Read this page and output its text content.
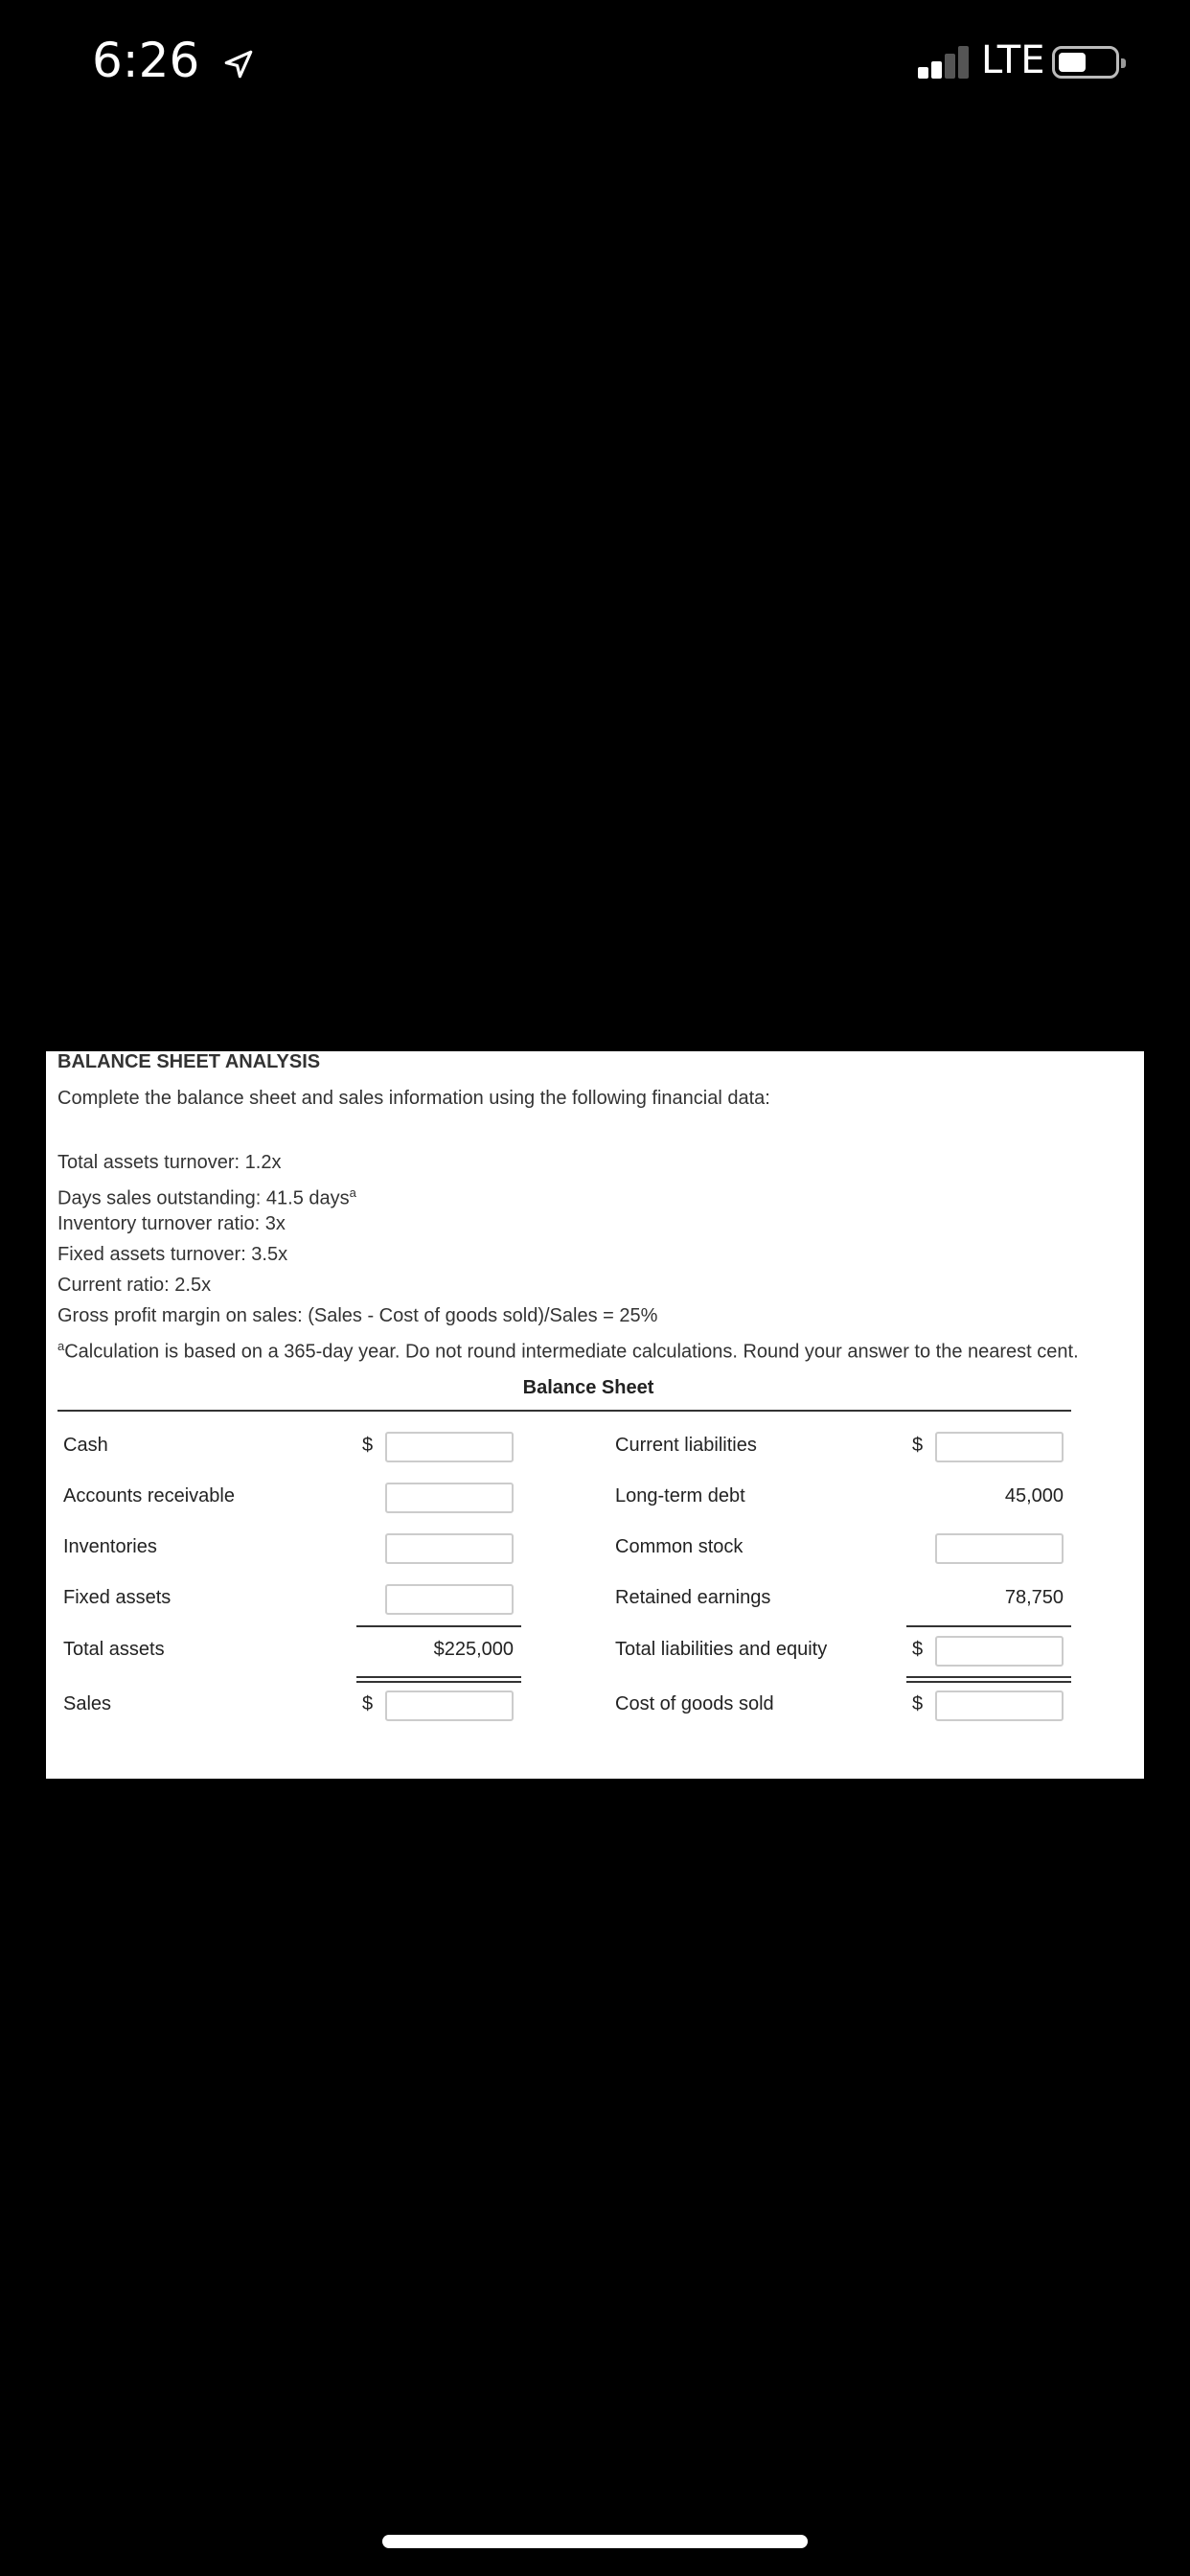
6:26	LTE
BALANCE SHEET ANALYSIS
Complete the balance sheet and sales information using the following financial data:
Total assets turnover: 1.2x
Days sales outstanding: 41.5 days$^a$
Inventory turnover ratio: 3x
Fixed assets turnover: 3.5x
Current ratio: 2.5x
Gross profit margin on sales: (Sales - Cost of goods sold)/Sales = 25%
$^a$Calculation is based on a 365-day year. Do not round intermediate calculations. Round your answer to the nearest cent.
Balance Sheet
Cash	$	Current liabilities	$
Accounts receivable	Long-term debt	45,000
Inventories	Common stock
Fixed assets	Retained earnings	78,750
Total assets	$225,000	Total liabilities and equity	$
Sales	$	Cost of goods sold	$
